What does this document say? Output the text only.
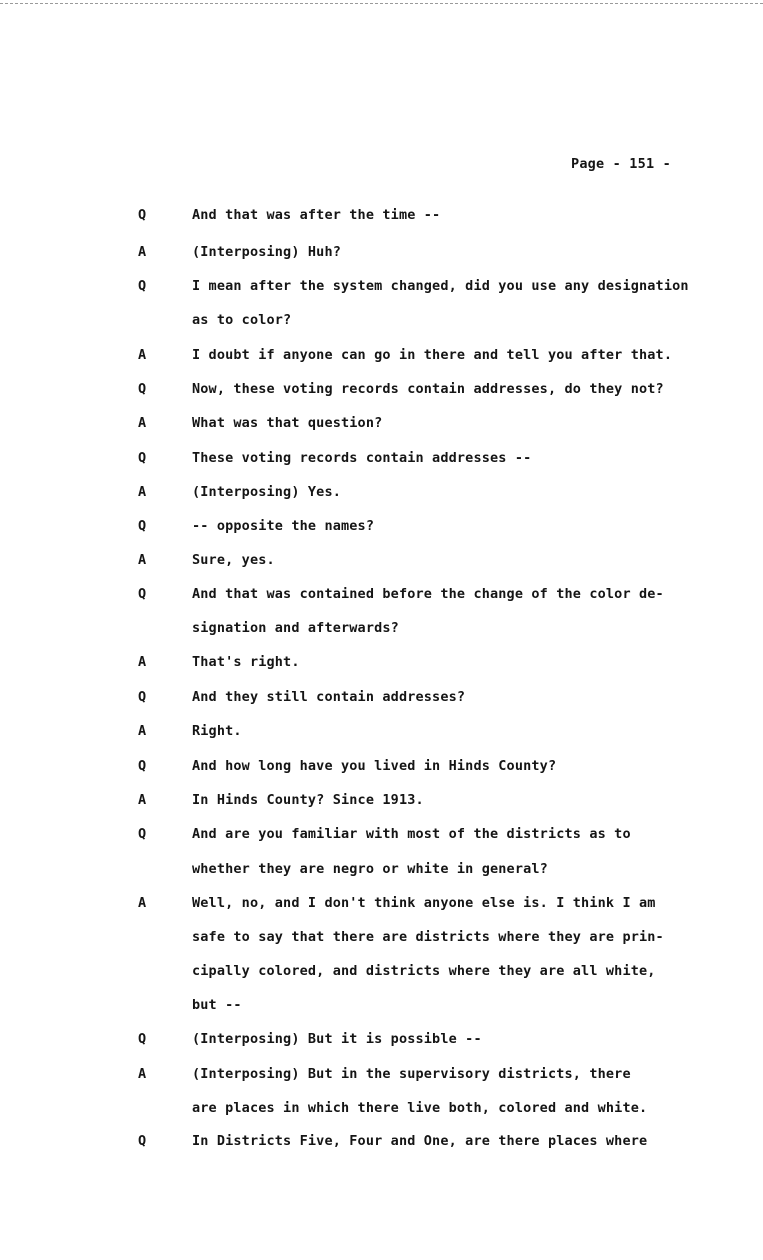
Page - 151 -
Q	And that was after the time --
A	(Interposing) Huh?
Q	I mean after the system changed, did you use any designation
as to color?
A	I doubt if anyone can go in there and tell you after that.
Q	Now, these voting records contain addresses, do they not?
A	What was that question?
Q	These voting records contain addresses --
A	(Interposing) Yes.
Q	-- opposite the names?
A	Sure, yes.
Q	And that was contained before the change of the color de-
signation and afterwards?
A	That's right.
Q	And they still contain addresses?
A	Right.
Q	And how long have you lived in Hinds County?
A	In Hinds County? Since 1913.
Q	And are you familiar with most of the districts as to
whether they are negro or white in general?
A	Well, no, and I don't think anyone else is. I think I am
safe to say that there are districts where they are prin-
cipally colored, and districts where they are all white,
but --
Q	(Interposing) But it is possible --
A	(Interposing) But in the supervisory districts, there
are places in which there live both, colored and white.
Q	In Districts Five, Four and One, are there places where
